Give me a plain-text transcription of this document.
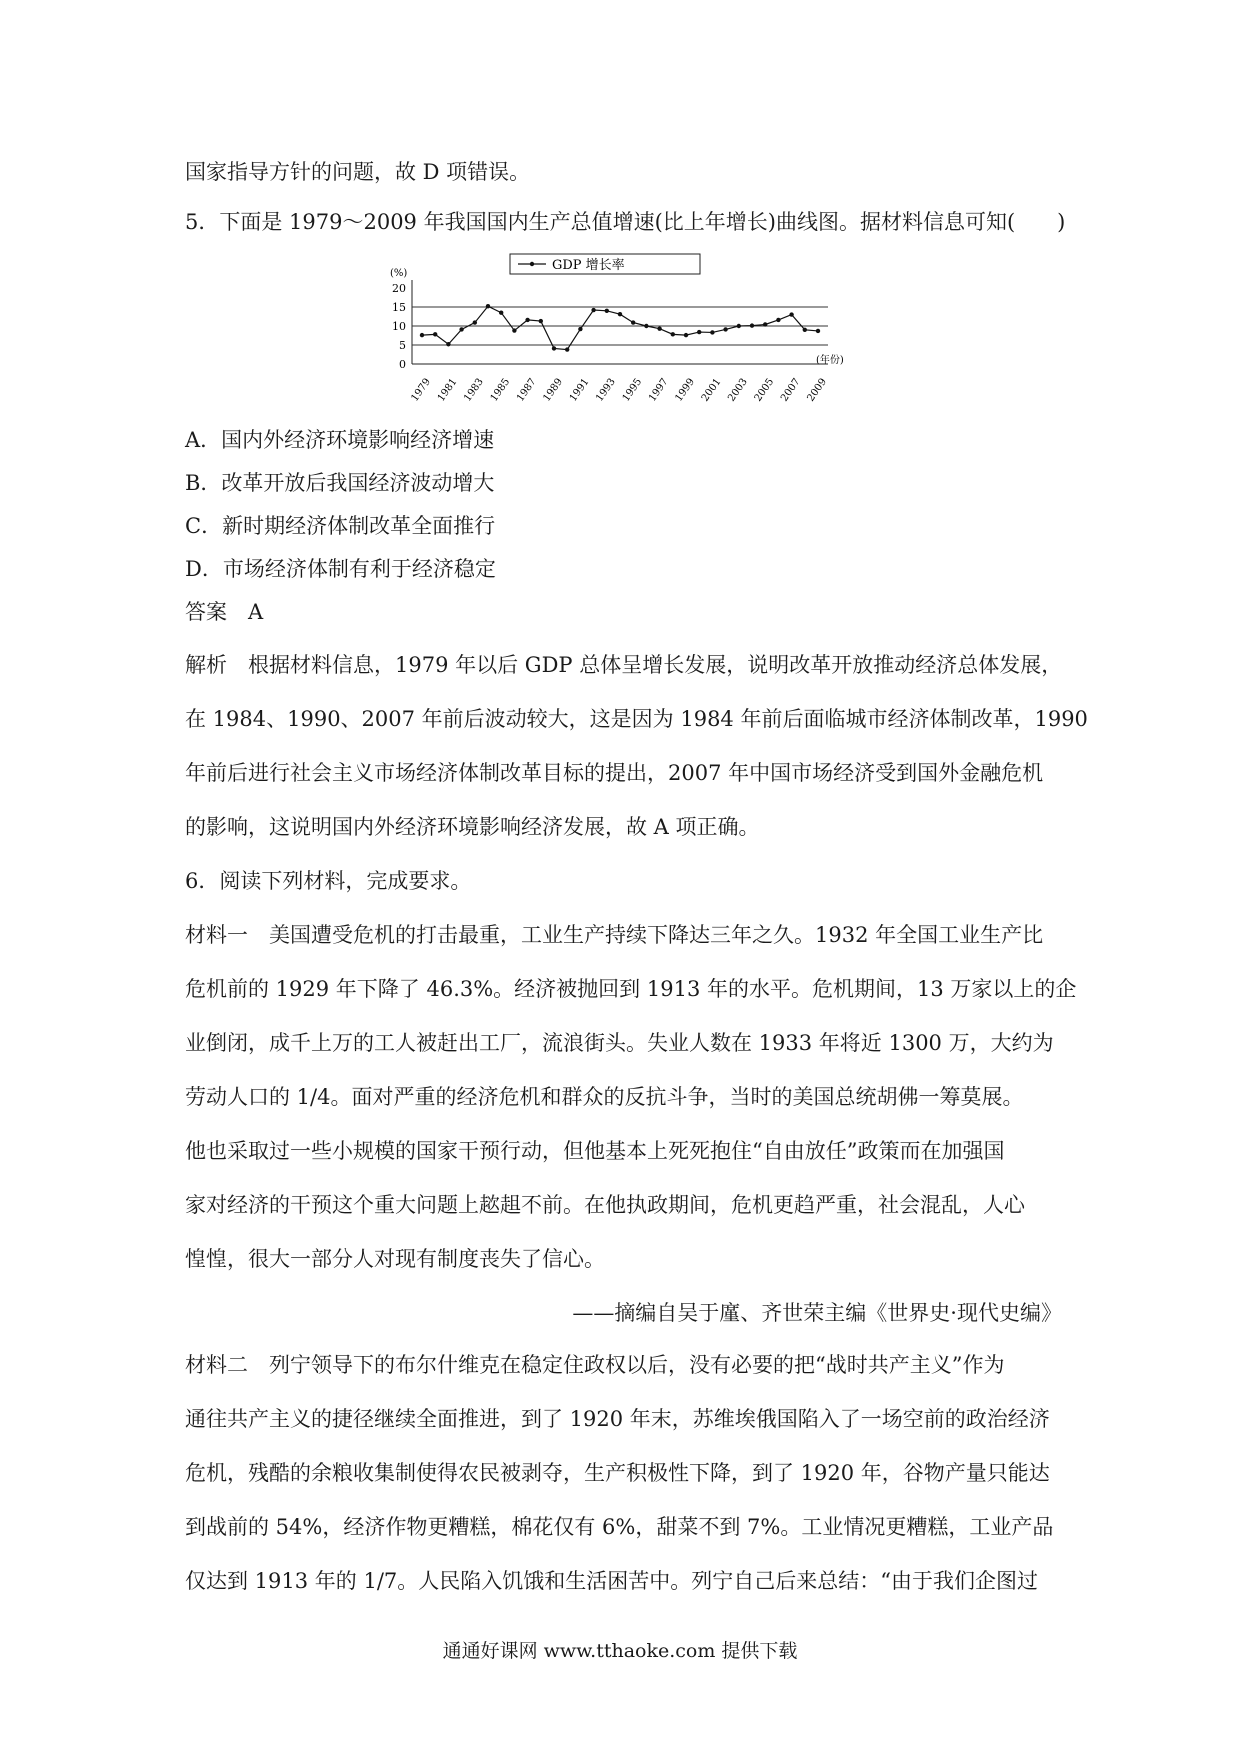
国家指导方针的问题，故 D 项错误。
5．下面是 1979～2009 年我国国内生产总值增速(比上年增长)曲线图。据材料信息可知(　　)
0
5
10
15
20
(%)
(年份)
1979 1981 1983 1985 1987 1989 1991 1993 1995 1997 1999 2001 2003 2005 2007 2009
GDP 增长率
A．国内外经济环境影响经济增速
B．改革开放后我国经济波动增大
C．新时期经济体制改革全面推行
D．市场经济体制有利于经济稳定
答案　A
解析　根据材料信息，1979 年以后 GDP 总体呈增长发展，说明改革开放推动经济总体发展，
在 1984、1990、2007 年前后波动较大，这是因为 1984 年前后面临城市经济体制改革，1990
年前后进行社会主义市场经济体制改革目标的提出，2007 年中国市场经济受到国外金融危机
的影响，这说明国内外经济环境影响经济发展，故 A 项正确。
6．阅读下列材料，完成要求。
材料一　美国遭受危机的打击最重，工业生产持续下降达三年之久。1932 年全国工业生产比
危机前的 1929 年下降了 46.3%。经济被抛回到 1913 年的水平。危机期间，13 万家以上的企
业倒闭，成千上万的工人被赶出工厂，流浪街头。失业人数在 1933 年将近 1300 万，大约为
劳动人口的 1/4。面对严重的经济危机和群众的反抗斗争，当时的美国总统胡佛一筹莫展。
他也采取过一些小规模的国家干预行动，但他基本上死死抱住“自由放任”政策而在加强国
家对经济的干预这个重大问题上趑趄不前。在他执政期间，危机更趋严重，社会混乱，人心
惶惶，很大一部分人对现有制度丧失了信心。
——摘编自吴于廑、齐世荣主编《世界史·现代史编》
材料二　列宁领导下的布尔什维克在稳定住政权以后，没有必要的把“战时共产主义”作为
通往共产主义的捷径继续全面推进，到了 1920 年末，苏维埃俄国陷入了一场空前的政治经济
危机，残酷的余粮收集制使得农民被剥夺，生产积极性下降，到了 1920 年，谷物产量只能达
到战前的 54%，经济作物更糟糕，棉花仅有 6%，甜菜不到 7%。工业情况更糟糕，工业产品
仅达到 1913 年的 1/7。人民陷入饥饿和生活困苦中。列宁自己后来总结：“由于我们企图过
通通好课网 www.tthaoke.com 提供下载
